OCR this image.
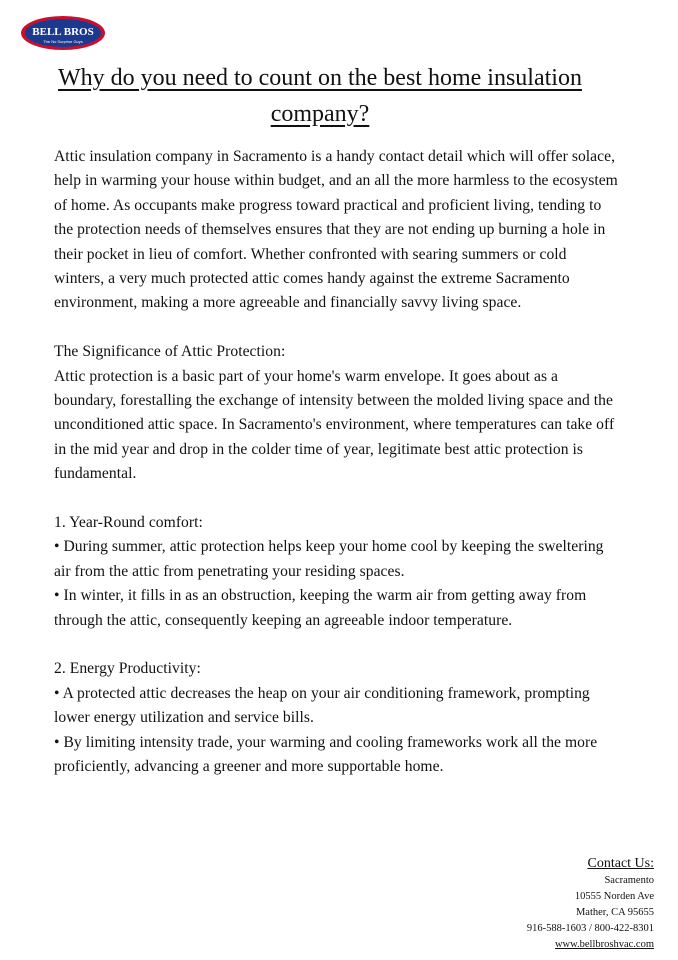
BELL BROS
The No Surprise Guys
Why do you need to count on the best home insulation company?

Attic insulation company in Sacramento is a handy contact detail which will offer solace, help in warming your house within budget, and an all the more harmless to the ecosystem of home. As occupants make progress toward practical and proficient living, tending to the protection needs of themselves ensures that they are not ending up burning a hole in their pocket in lieu of comfort. Whether confronted with searing summers or cold winters, a very much protected attic comes handy against the extreme Sacramento environment, making a more agreeable and financially savvy living space.

The Significance of Attic Protection:

Attic protection is a basic part of your home's warm envelope. It goes about as a boundary, forestalling the exchange of intensity between the molded living space and the unconditioned attic space. In Sacramento's environment, where temperatures can take off in the mid year and drop in the colder time of year, legitimate best attic protection is fundamental.

1. Year-Round comfort:

• During summer, attic protection helps keep your home cool by keeping the sweltering air from the attic from penetrating your residing spaces.

• In winter, it fills in as an obstruction, keeping the warm air from getting away from through the attic, consequently keeping an agreeable indoor temperature.

2. Energy Productivity:

• A protected attic decreases the heap on your air conditioning framework, prompting lower energy utilization and service bills.

• By limiting intensity trade, your warming and cooling frameworks work all the more proficiently, advancing a greener and more supportable home.

Contact Us:
Sacramento
10555 Norden Ave
Mather, CA 95655
916-588-1603 / 800-422-8301
www.bellbroshvac.com
